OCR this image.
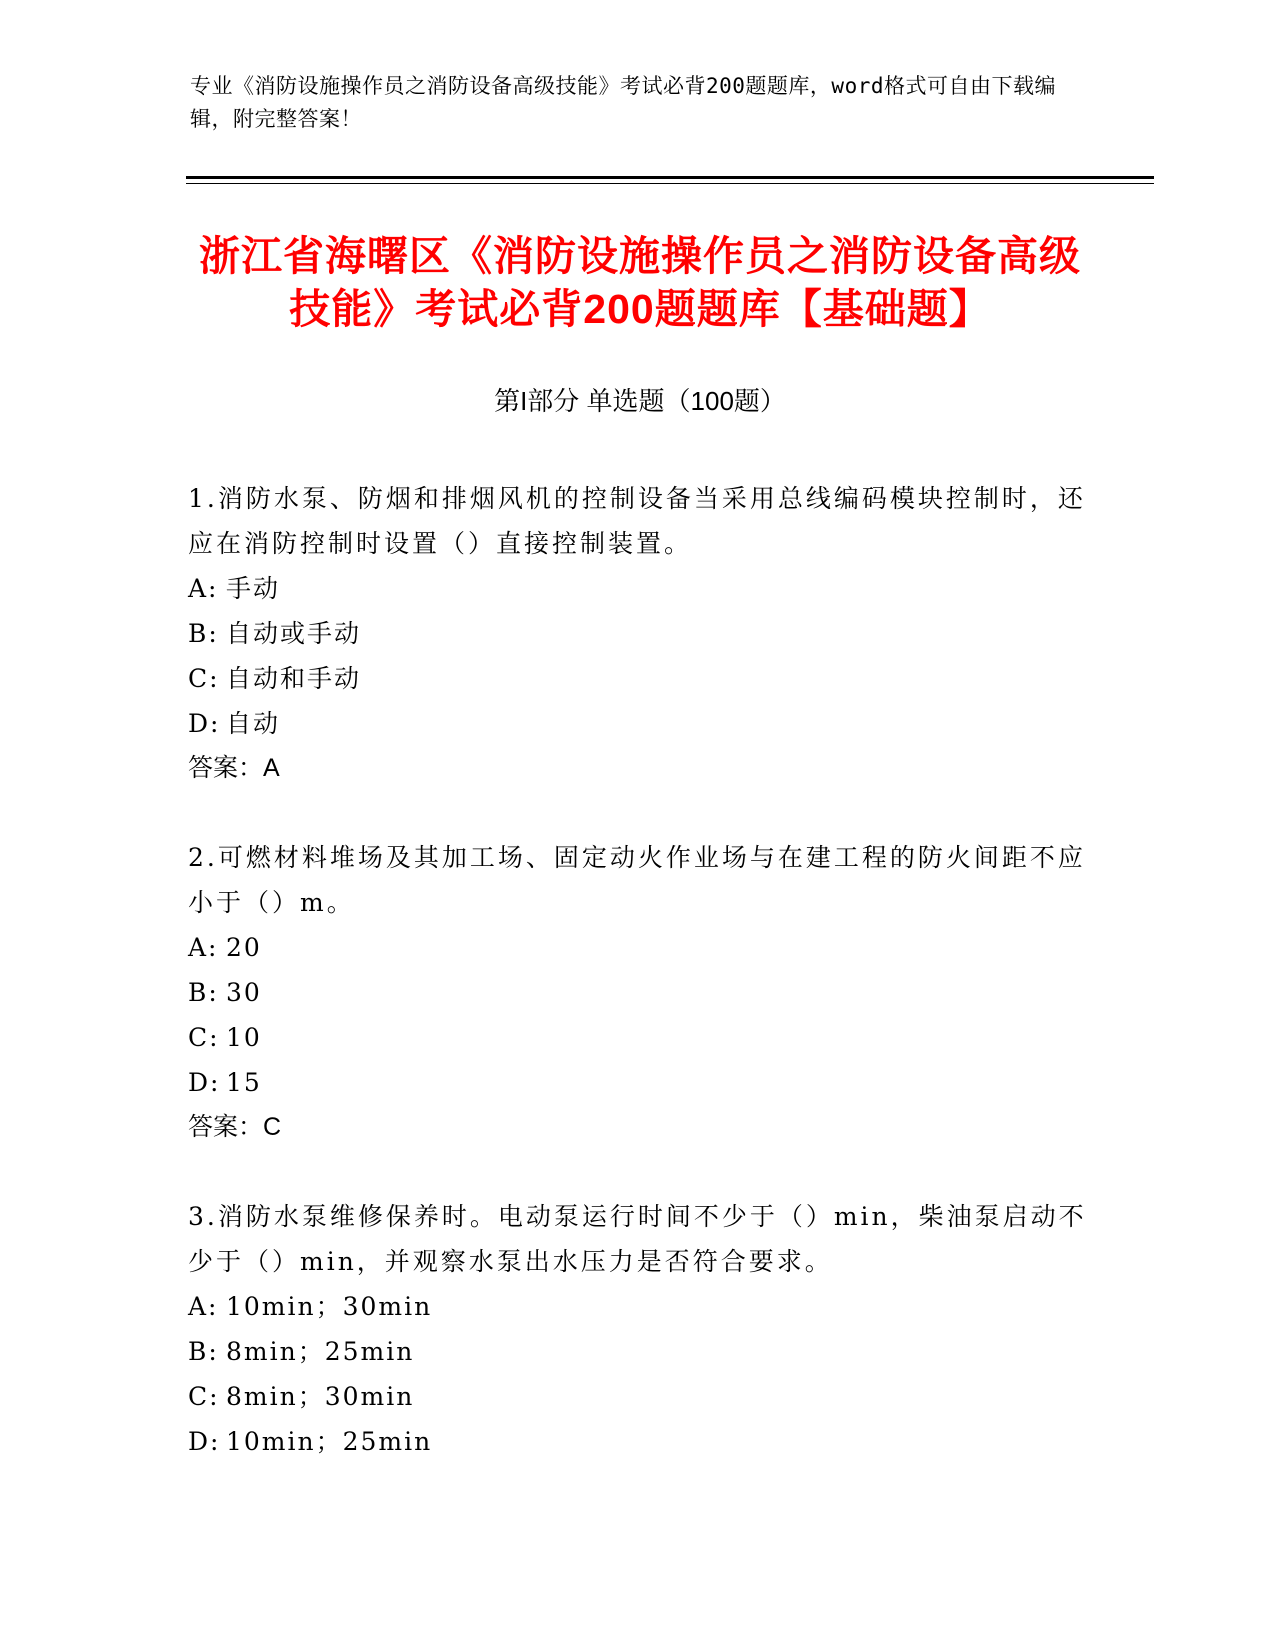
专业《消防设施操作员之消防设备高级技能》考试必背200题题库，word格式可自由下载编辑，附完整答案！
浙江省海曙区《消防设施操作员之消防设备高级技能》考试必背200题题库【基础题】
第I部分 单选题（100题）

1.消防水泵、防烟和排烟风机的控制设备当采用总线编码模块控制时，还应在消防控制时设置（）直接控制装置。

A: 手动

B: 自动或手动

C: 自动和手动

D: 自动

答案：A

2.可燃材料堆场及其加工场、固定动火作业场与在建工程的防火间距不应小于（）m。

A: 20

B: 30

C: 10

D: 15

答案：C

3.消防水泵维修保养时。电动泵运行时间不少于（）min，柴油泵启动不少于（）min，并观察水泵出水压力是否符合要求。

A: 10min；30min

B: 8min；25min

C: 8min；30min

D: 10min；25min
